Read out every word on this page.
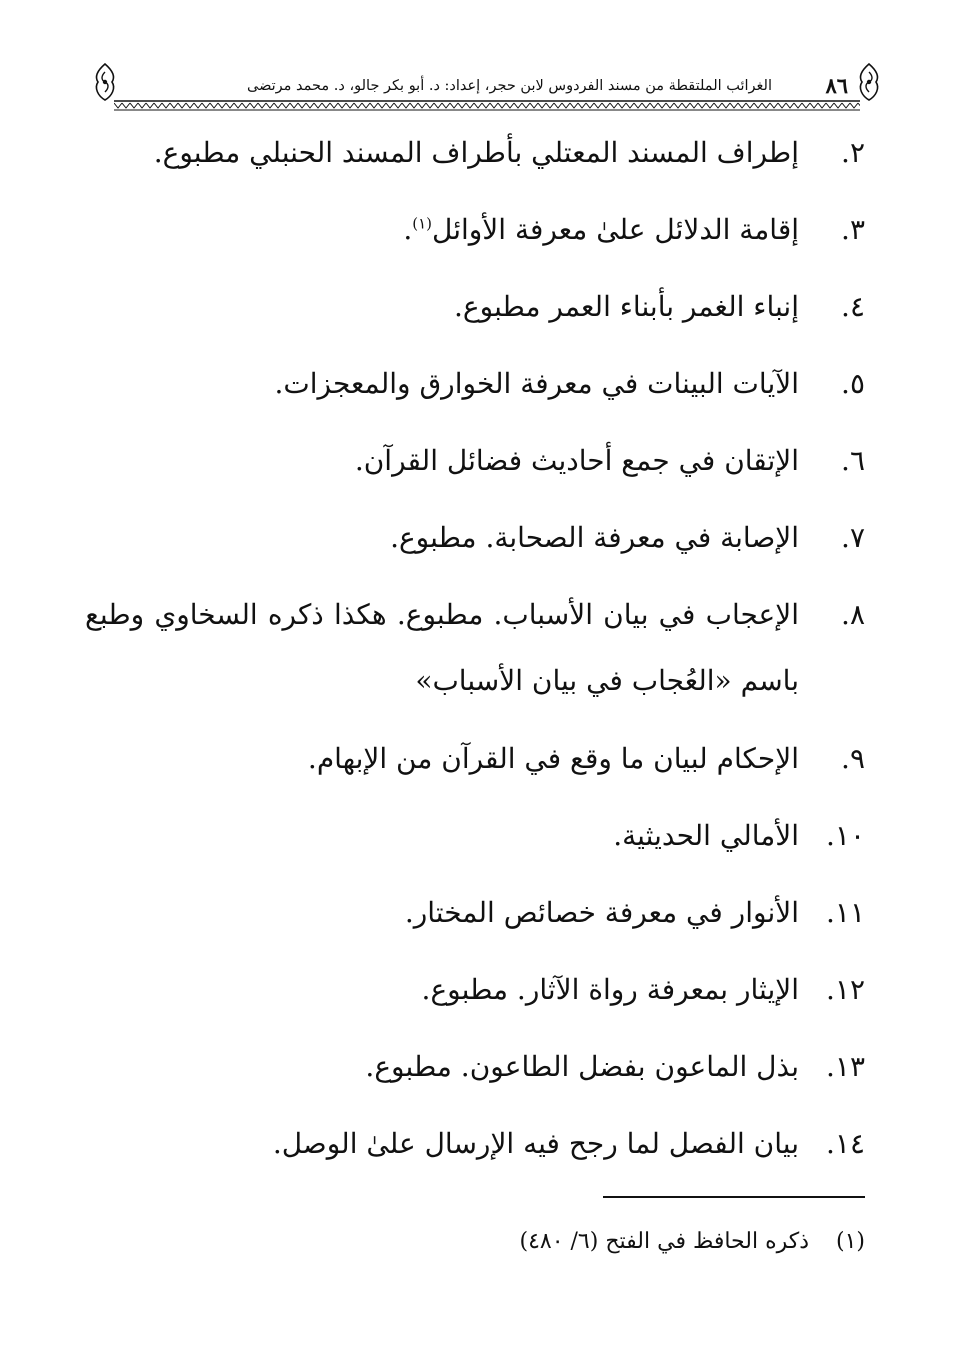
٨٦
الغرائب الملتقطة من مسند الفردوس لابن حجر، إعداد: د. أبو بكر جالو، د. محمد مرتضى
٢.
إطراف المسند المعتلي بأطراف المسند الحنبلي مطبوع.
٣.
إقامة الدلائل علىٰ معرفة الأوائل$^{(١)}$.
٤.
إنباء الغمر بأبناء العمر مطبوع.
٥.
الآيات البينات في معرفة الخوارق والمعجزات.
٦.
الإتقان في جمع أحاديث فضائل القرآن.
٧.
الإصابة في معرفة الصحابة. مطبوع.
٨.
الإعجاب في بيان الأسباب. مطبوع. هكذا ذكره السخاوي وطبع باسم «العُجاب في بيان الأسباب»
٩.
الإحكام لبيان ما وقع في القرآن من الإبهام.
١٠.
الأمالي الحديثية.
١١.
الأنوار في معرفة خصائص المختار.
١٢.
الإيثار بمعرفة رواة الآثار. مطبوع.
١٣.
بذل الماعون بفضل الطاعون. مطبوع.
١٤.
بيان الفصل لما رجح فيه الإرسال علىٰ الوصل.
(١)
ذكره الحافظ في الفتح (٦/ ٤٨٠)
